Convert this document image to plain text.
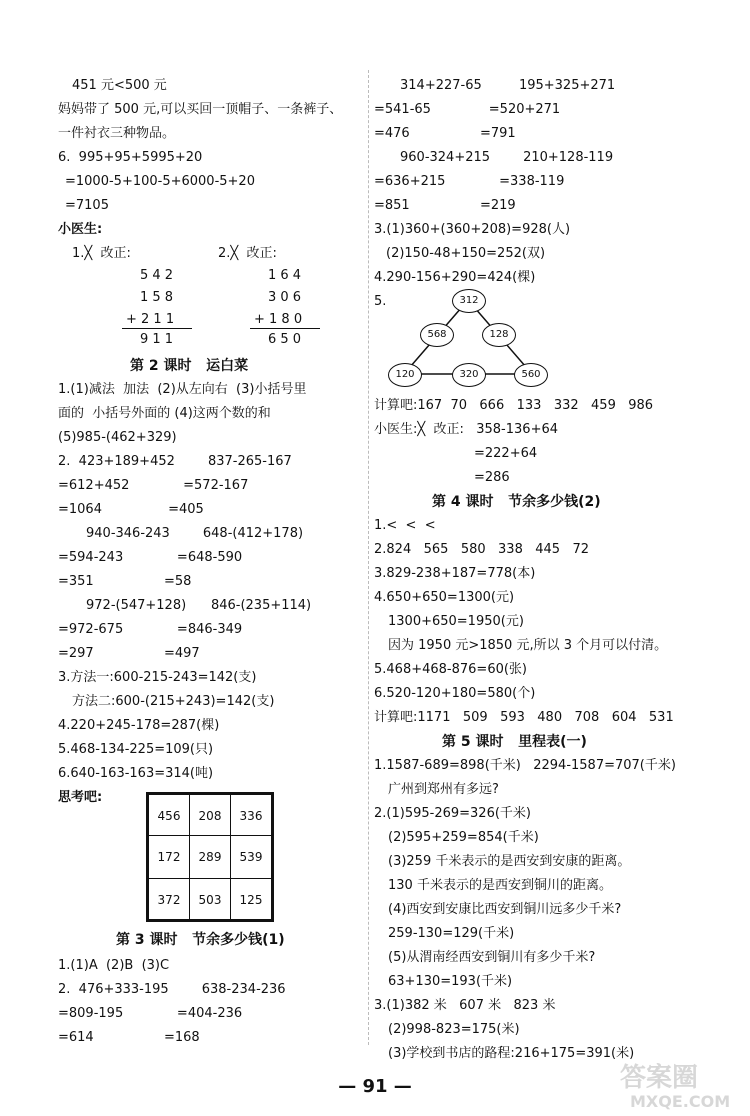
451 元<500 元
妈妈带了 500 元,可以买回一顶帽子、一条裤子、
一件衬衣三种物品。
6.  995+95+5995+20
=1000-5+100-5+6000-5+20
=7105
小医生:
1.╳  改正:	2.╳  改正:
5 4 2
1 5 8
+ 2 1 1
9 1 1
1 6 4
3 0 6
+ 1 8 0
6 5 0
第 2 课时   运白菜
1.(1)减法  加法  (2)从左向右  (3)小括号里
面的  小括号外面的 (4)这两个数的和
(5)985-(462+329)
2.  423+189+452        837-265-167
=612+452             =572-167
=1064                =405
940-346-243        648-(412+178)
=594-243             =648-590
=351                 =58
972-(547+128)      846-(235+114)
=972-675             =846-349
=297                 =497
3.方法一:600-215-243=142(支)
方法二:600-(215+243)=142(支)
4.220+245-178=287(棵)
5.468-134-225=109(只)
6.640-163-163=314(吨)
思考吧:
456	208	336
172	289	539
372	503	125
第 3 课时   节余多少钱(1)
1.(1)A  (2)B  (3)C
2.  476+333-195        638-234-236
=809-195             =404-236
=614                 =168
314+227-65         195+325+271
=541-65              =520+271
=476                 =791
960-324+215        210+128-119
=636+215             =338-119
=851                 =219
3.(1)360+(360+208)=928(人)
(2)150-48+150=252(双)
4.290-156+290=424(棵)
5.	312
568	128
120	320	560
计算吧:167  70   666   133   332   459   986
小医生:╳  改正:   358-136+64
=222+64
=286
第 4 课时   节余多少钱(2)
1.<  <  <
2.824   565   580   338   445   72
3.829-238+187=778(本)
4.650+650=1300(元)
1300+650=1950(元)
因为 1950 元>1850 元,所以 3 个月可以付清。
5.468+468-876=60(张)
6.520-120+180=580(个)
计算吧:1171   509   593   480   708   604   531
第 5 课时   里程表(一)
1.1587-689=898(千米)   2294-1587=707(千米)
广州到郑州有多远?
2.(1)595-269=326(千米)
(2)595+259=854(千米)
(3)259 千米表示的是西安到安康的距离。
130 千米表示的是西安到铜川的距离。
(4)西安到安康比西安到铜川远多少千米?
259-130=129(千米)
(5)从渭南经西安到铜川有多少千米?
63+130=193(千米)
3.(1)382 米   607 米   823 米
(2)998-823=175(米)
(3)学校到书店的路程:216+175=391(米)
— 91 —	答案圈
MXQE.COM
